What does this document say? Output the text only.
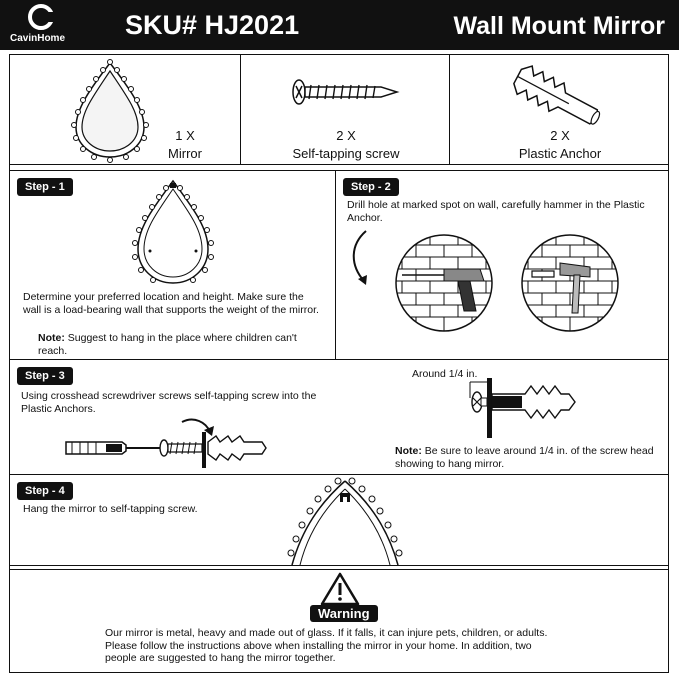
CavinHome SKU# HJ2021	Wall Mount Mirror
1 X
Mirror
2 X
Self-tapping screw
2 X
Plastic Anchor
Step - 1
Determine your preferred location and height. Make sure the wall is a load-bearing wall that supports the weight of the mirror.
Note: Suggest to hang in the place where children can't reach.
Step - 2
Drill hole at marked spot on wall, carefully hammer in the Plastic Anchor.
Step - 3
Using crosshead screwdriver screws self-tapping screw into the Plastic Anchors.
Around 1/4 in.
Note: Be sure to leave around 1/4 in. of the screw head showing to hang mirror.
Step - 4
Hang the mirror to self-tapping screw.
Warning
Our mirror is metal, heavy and made out of glass. If it falls, it can injure pets, children, or adults. Please follow the instructions above when installing the mirror in your home. In addition, two people are suggested to hang the mirror together.
